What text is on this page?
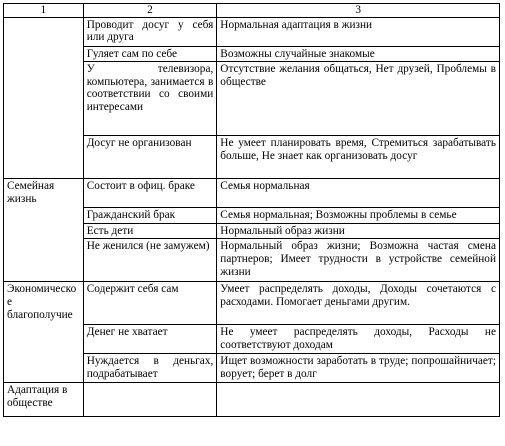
1	2	3
	Проводит досуг у себя или друга	Нормальная адаптация в жизни
	Гуляет сам по себе	Возможны случайные знакомые
	У телевизора, компьютера, занимается в соответствии со своими интересами	Отсутствие желания общаться, Нет друзей, Проблемы в обществе
	Досуг не организован	Не умеет планировать время, Стремиться зарабатывать больше, Не знает как организовать досуг
Семейная жизнь	Состоит в офиц. браке	Семья нормальная
	Гражданский брак	Семья нормальная; Возможны проблемы в семье
	Есть дети	Нормальный образ жизни
	Не женился (не замужем)	Нормальный образ жизни; Возможна частая смена партнеров; Имеет трудности в устройстве семейной жизни
Экономическое благополучие	Содержит себя сам	Умеет распределять доходы, Доходы сочетаются с расходами. Помогает деньгами другим.
	Денег не хватает	Не умеет распределять доходы, Расходы не соответствуют доходам
	Нуждается в деньгах, подрабатывает	Ищет возможности заработать в труде; попрошайничает; ворует; берет в долг
Адаптация в обществе		
